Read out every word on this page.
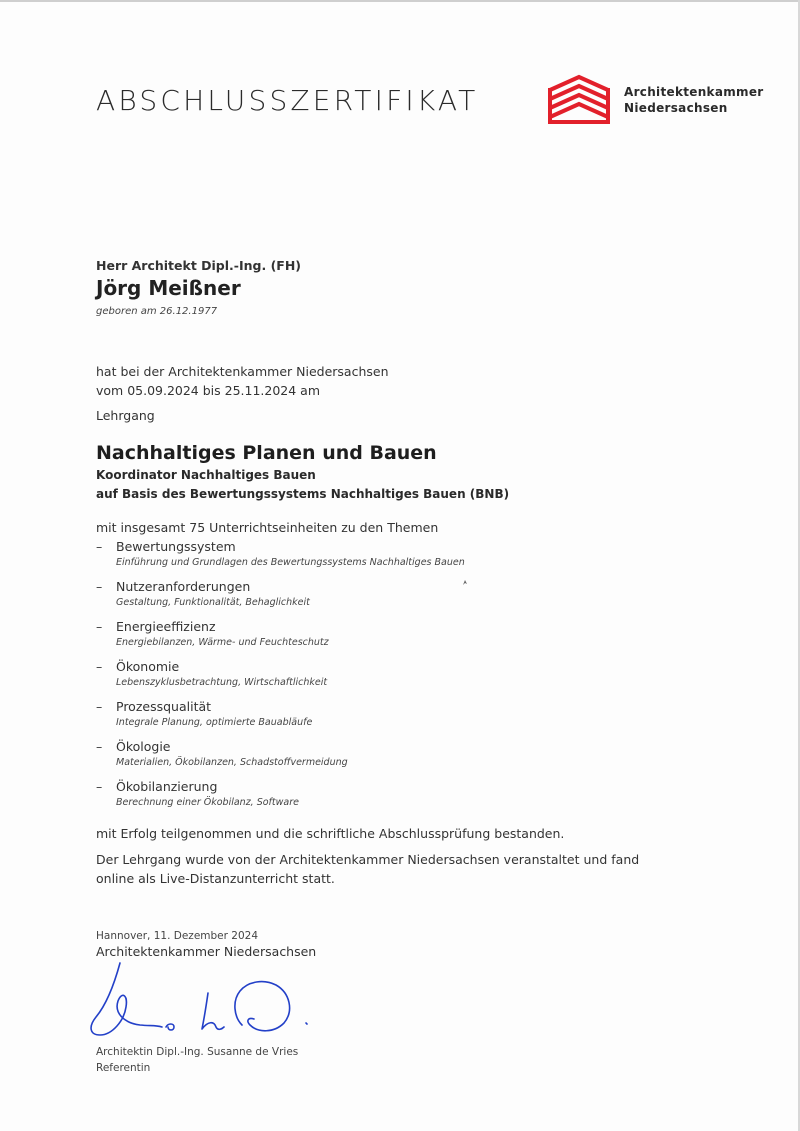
ABSCHLUSSZERTIFIKAT	Architektenkammer
Niedersachsen
Herr Architekt Dipl.-Ing. (FH)
Jörg Meißner
geboren am 26.12.1977
hat bei der Architektenkammer Niedersachsen
vom 05.09.2024 bis 25.11.2024 am
Lehrgang
Nachhaltiges Planen und Bauen
Koordinator Nachhaltiges Bauen
auf Basis des Bewertungssystems Nachhaltiges Bauen (BNB)
mit insgesamt 75 Unterrichtseinheiten zu den Themen
– Bewertungssystem
Einführung und Grundlagen des Bewertungssystems Nachhaltiges Bauen
– Nutzeranforderungen
Gestaltung, Funktionalität, Behaglichkeit
– Energieeffizienz
Energiebilanzen, Wärme- und Feuchteschutz
– Ökonomie
Lebenszyklusbetrachtung, Wirtschaftlichkeit
– Prozessqualität
Integrale Planung, optimierte Bauabläufe
– Ökologie
Materialien, Ökobilanzen, Schadstoffvermeidung
– Ökobilanzierung
Berechnung einer Ökobilanz, Software
mit Erfolg teilgenommen und die schriftliche Abschlussprüfung bestanden.
Der Lehrgang wurde von der Architektenkammer Niedersachsen veranstaltet und fand
online als Live-Distanzunterricht statt.
Hannover, 11. Dezember 2024
Architektenkammer Niedersachsen
Architektin Dipl.-Ing. Susanne de Vries
Referentin
